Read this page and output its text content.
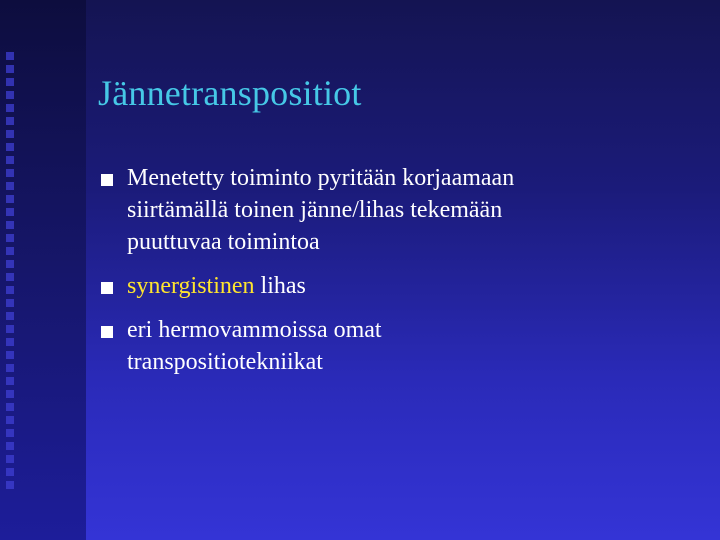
Jännetranspositiot
Menetetty toiminto pyritään korjaamaan
siirtämällä toinen jänne/lihas tekemään
puuttuvaa toimintoa
synergistinen lihas
eri hermovammoissa omat
transpositiotekniikat
